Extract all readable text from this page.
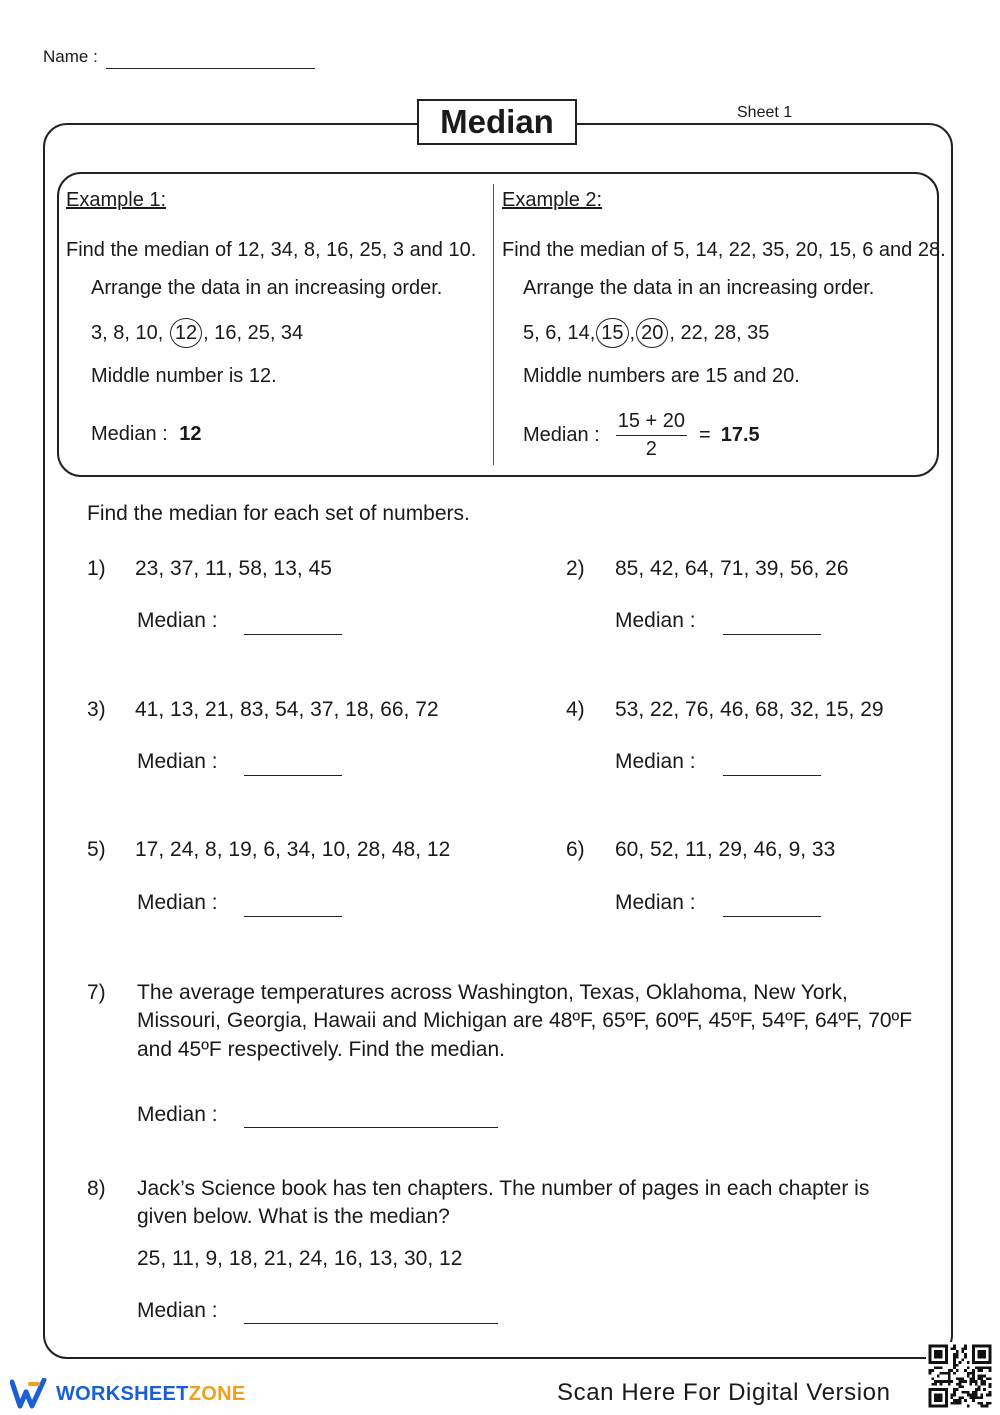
Name :
Median	Sheet 1
Example 1:
Find the median of 12, 34, 8, 16, 25, 3 and 10.
Arrange the data in an increasing order.
3, 8, 10, 12 , 16, 25, 34
Middle number is 12.
Median : 12
Example 2:
Find the median of 5, 14, 22, 35, 20, 15, 6 and 28.
Arrange the data in an increasing order.
5, 6, 14, 15 , 20 , 22, 28, 35
Middle numbers are 15 and 20.
Median : $\frac{15 + 20}{2} = 17.5$
Find the median for each set of numbers.
1) 23, 37, 11, 58, 13, 45
Median :
2) 85, 42, 64, 71, 39, 56, 26
Median :
3) 41, 13, 21, 83, 54, 37, 18, 66, 72
Median :
4) 53, 22, 76, 46, 68, 32, 15, 29
Median :
5) 17, 24, 8, 19, 6, 34, 10, 28, 48, 12
Median :
6) 60, 52, 11, 29, 46, 9, 33
Median :
7) The average temperatures across Washington, Texas, Oklahoma, New York,
Missouri, Georgia, Hawaii and Michigan are 48ºF, 65ºF, 60ºF, 45ºF, 54ºF, 64ºF, 70ºF
and 45ºF respectively. Find the median.
Median :
8) Jack’s Science book has ten chapters. The number of pages in each chapter is
given below. What is the median?
25, 11, 9, 18, 21, 24, 16, 13, 30, 12
Median :
WORKSHEETZONE	Scan Here For Digital Version
